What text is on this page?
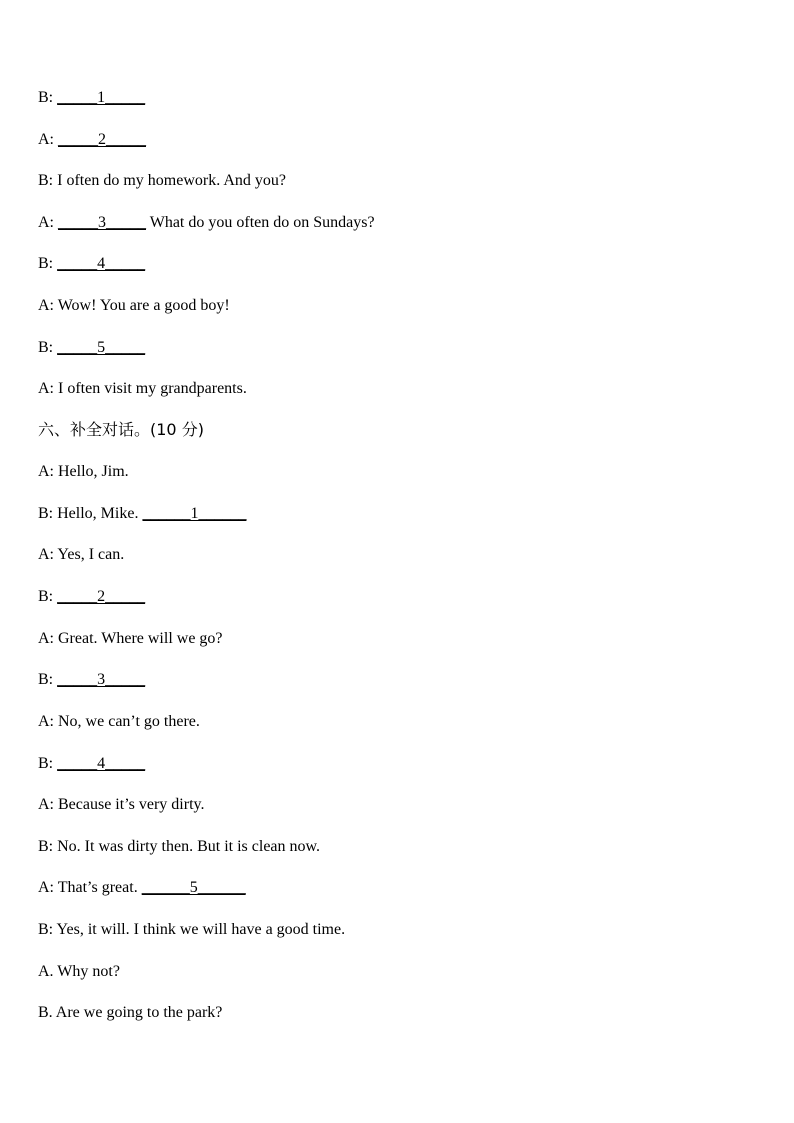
B: _____1_____
A: _____2_____
B: I often do my homework. And you?
A: _____3_____ What do you often do on Sundays?
B: _____4_____
A: Wow! You are a good boy!
B: _____5_____
A: I often visit my grandparents.
六、补全对话。(10 分)
A: Hello, Jim.
B: Hello, Mike. ______1______
A: Yes, I can.
B: _____2_____
A: Great. Where will we go?
B: _____3_____
A: No, we can’t go there.
B: _____4_____
A: Because it’s very dirty.
B: No. It was dirty then. But it is clean now.
A: That’s great. ______5______
B: Yes, it will. I think we will have a good time.
A. Why not?
B. Are we going to the park?
